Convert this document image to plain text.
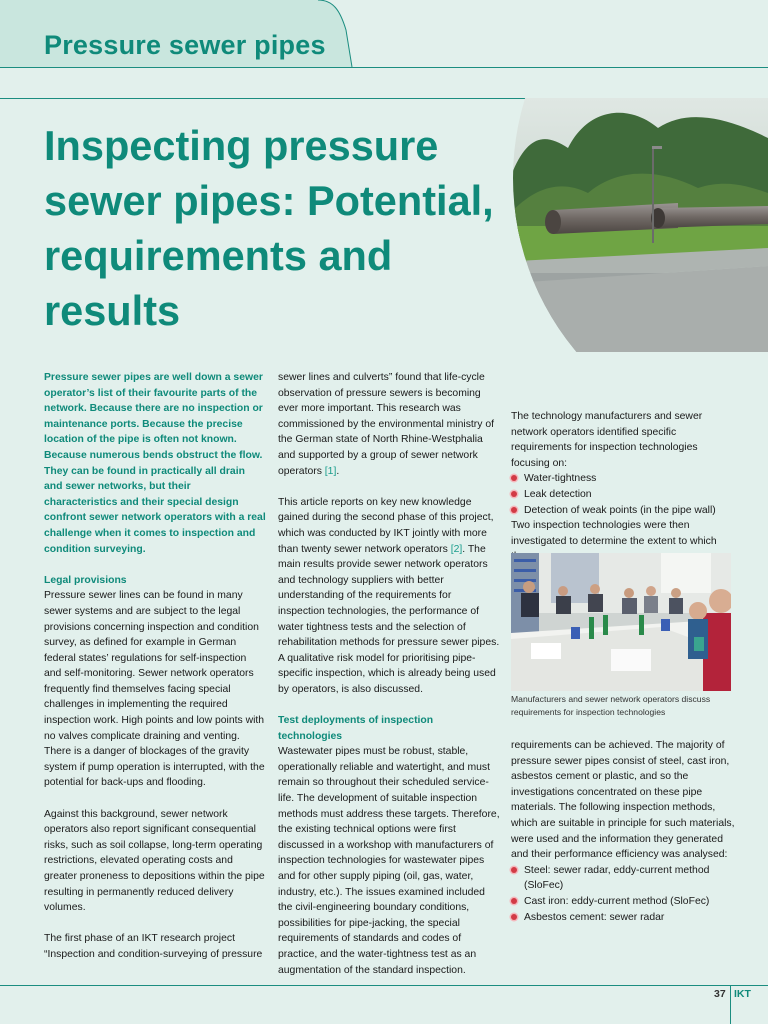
Pressure sewer pipes
Inspecting pressure sewer pipes: Potential, requirements and results

Pressure sewer pipes are well down a sewer operator’s list of their favourite parts of the network. Because there are no inspection or maintenance ports. Because the precise location of the pipe is often not known. Because numerous bends obstruct the flow. They can be found in practically all drain and sewer networks, but their characteristics and their special design confront sewer network operators with a real challenge when it comes to inspection and condition surveying.

Legal provisions

Pressure sewer lines can be found in many sewer systems and are subject to the legal provisions concerning inspection and condition survey, as defined for example in German federal states’ regulations for self-inspection and self-monitoring. Sewer network operators frequently find themselves facing special challenges in implementing the required inspection work. High points and low points with no valves complicate draining and venting. There is a danger of blockages of the gravity system if pump operation is interrupted, with the potential for back-ups and flooding.

Against this background, sewer network operators also report significant consequential risks, such as soil collapse, long-term operating restrictions, elevated operating costs and greater proneness to depositions within the pipe resulting in permanently reduced delivery volumes.

The first phase of an IKT research project “Inspection and condition-surveying of pressure

sewer lines and culverts” found that life-cycle observation of pressure sewers is becoming ever more important. This research was commissioned by the environmental ministry of the German state of North Rhine-Westphalia and supported by a group of sewer network operators [1].

This article reports on key new knowledge gained during the second phase of this project, which was conducted by IKT jointly with more than twenty sewer network operators [2]. The main results provide sewer network operators and technology suppliers with better understanding of the requirements for inspection technologies, the performance of water tightness tests and the selection of rehabilitation methods for pressure sewer pipes. A qualitative risk model for prioritising pipe-specific inspection, which is already being used by operators, is also discussed.

Test deployments of inspection technologies

Wastewater pipes must be robust, stable, operationally reliable and watertight, and must remain so throughout their scheduled service-life. The development of suitable inspection methods must address these targets. Therefore, the existing technical options were first discussed in a workshop with manufacturers of inspection technologies for wastewater pipes and for other supply piping (oil, gas, water, industry, etc.). The issues examined included the civil-engineering boundary conditions, possibilities for pipe-jacking, the special requirements of standards and codes of practice, and the water-tightness test as an augmentation of the standard inspection.

The technology manufacturers and sewer network operators identified specific requirements for inspection technologies focusing on:
Water-tightness
Leak detection
Detection of weak points (in the pipe wall)
Two inspection technologies were then investigated to determine the extent to which
Manufacturers and sewer network operators discuss requirements for inspection technologies
requirements can be achieved. The majority of pressure sewer pipes consist of steel, cast iron, asbestos cement or plastic, and so the investigations concentrated on these pipe materials. The following inspection methods, which are suitable in principle for such materials, were used and the information they generated and their performance efficiency was analysed:
Steel: sewer radar, eddy-current method (SloFec)
Cast iron: eddy-current method (SloFec)
Asbestos cement: sewer radar
37 IKT
